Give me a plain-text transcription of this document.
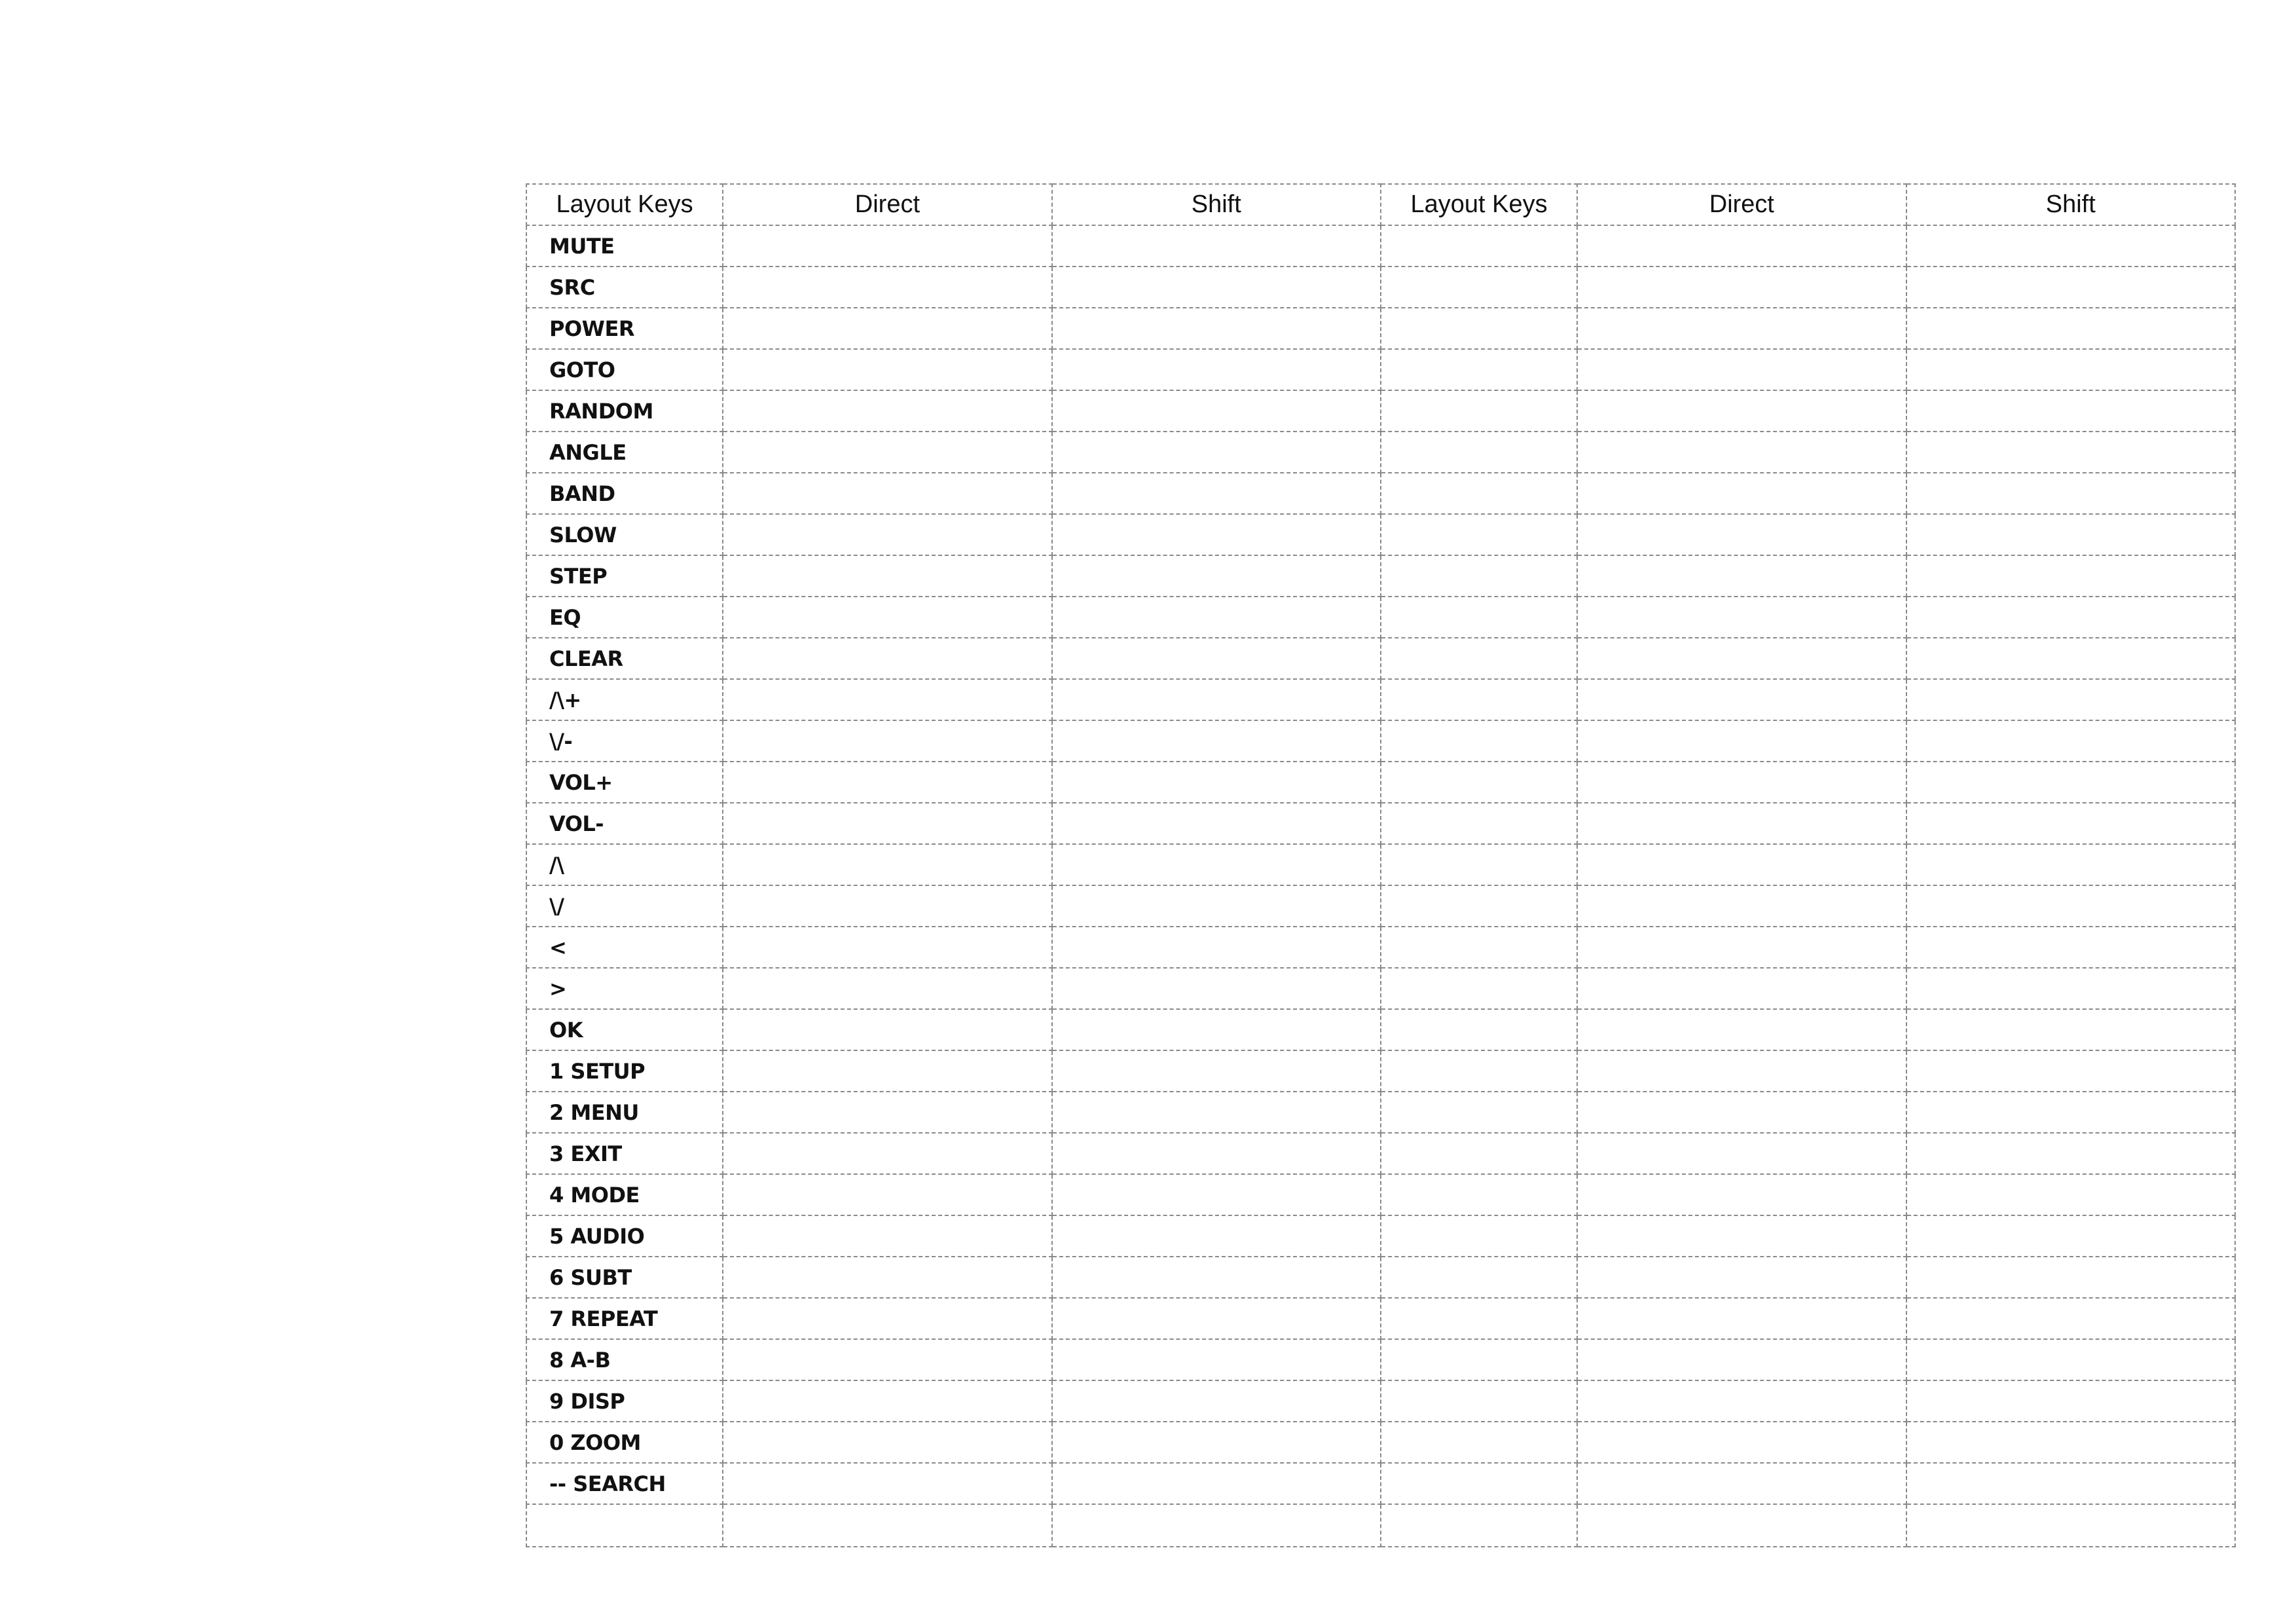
Layout Keys	Direct	Shift	Layout Keys	Direct	Shift
MUTE					
SRC					
POWER					
GOTO					
RANDOM					
ANGLE					
BAND					
SLOW					
STEP					
EQ					
CLEAR					
/\+					
\/-					
VOL+					
VOL-					
/\					
\/					
<					
>					
OK					
1 SETUP					
2 MENU					
3 EXIT					
4 MODE					
5 AUDIO					
6 SUBT					
7 REPEAT					
8 A-B					
9 DISP					
0 ZOOM					
-- SEARCH					
